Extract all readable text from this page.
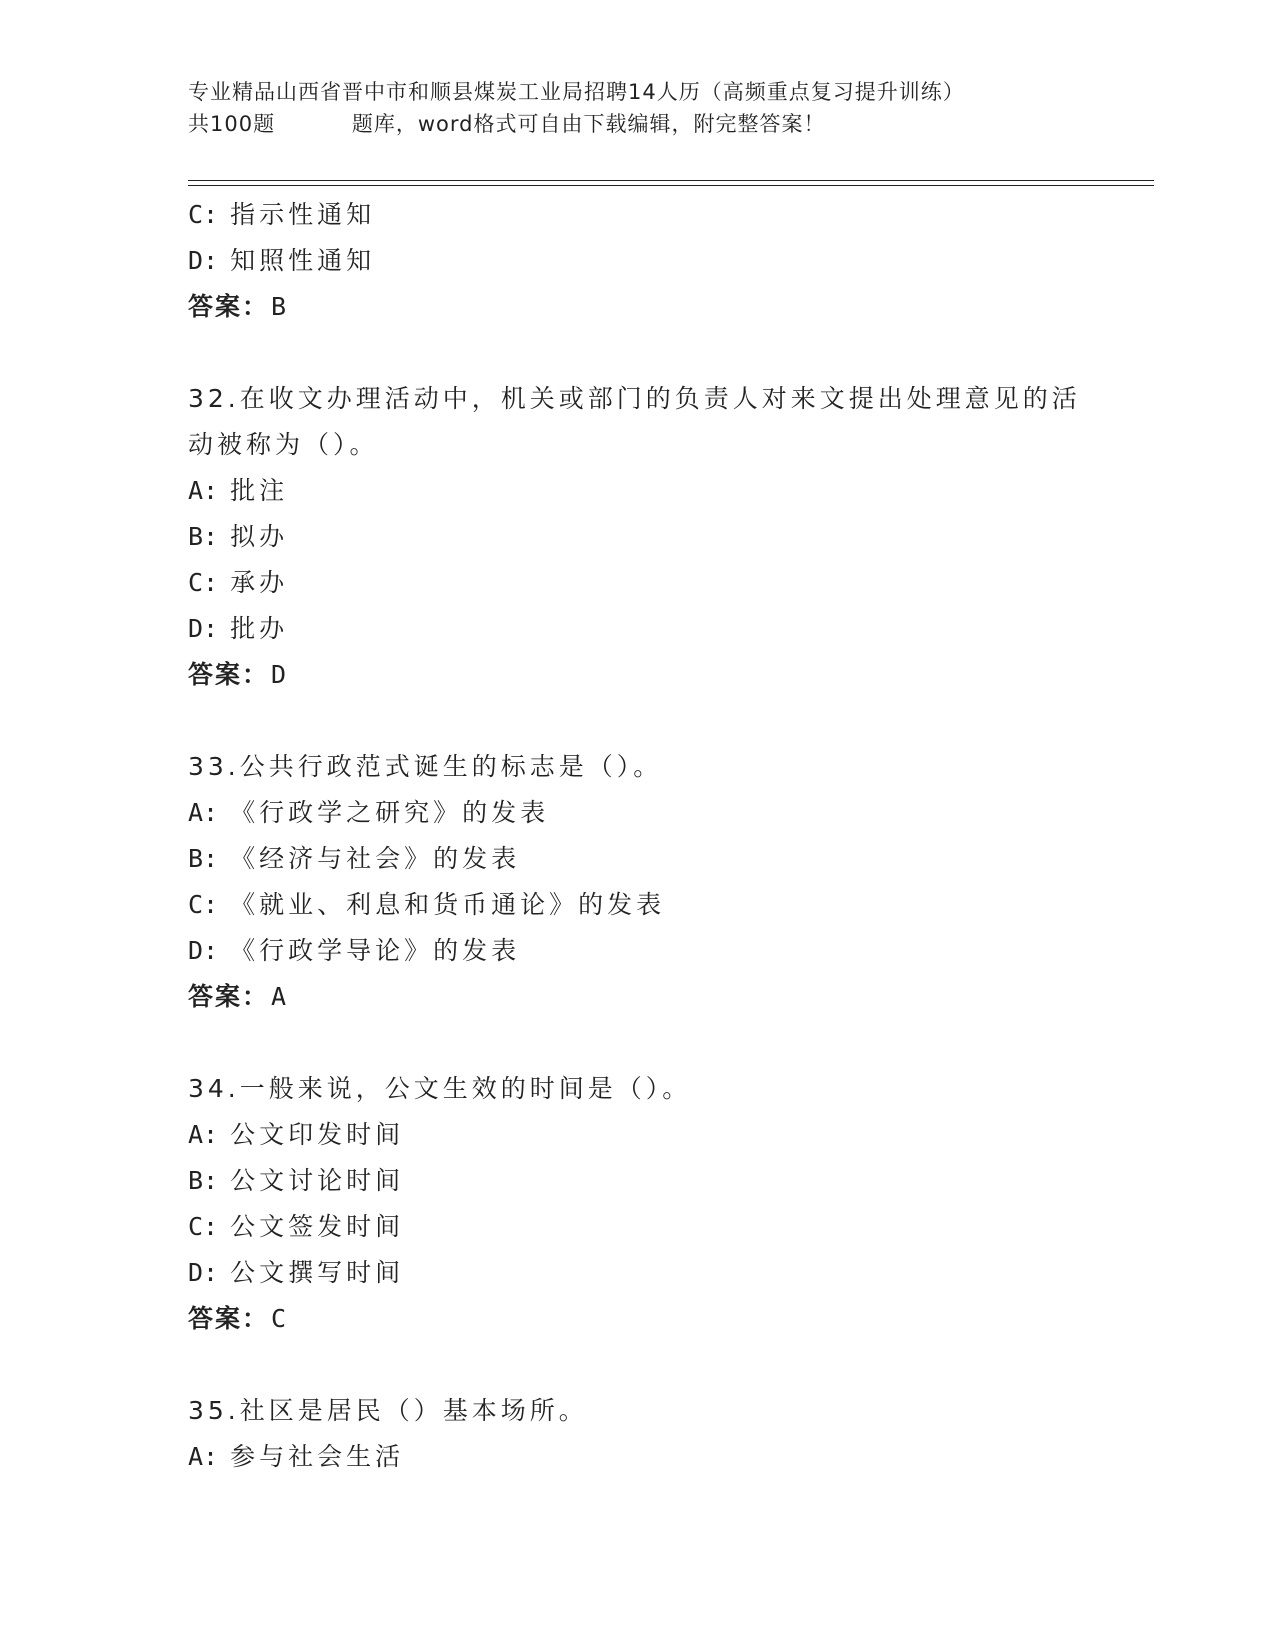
专业精品山西省晋中市和顺县煤炭工业局招聘14人历（高频重点复习提升训练）
共100题	题库，word格式可自由下载编辑，附完整答案！
C: 指示性通知
D: 知照性通知
答案：B
32.在收文办理活动中，机关或部门的负责人对来文提出处理意见的活
动被称为（）。
A: 批注
B: 拟办
C: 承办
D: 批办
答案：D
33.公共行政范式诞生的标志是（）。
A: 《行政学之研究》的发表
B: 《经济与社会》的发表
C: 《就业、利息和货币通论》的发表
D: 《行政学导论》的发表
答案：A
34.一般来说，公文生效的时间是（）。
A: 公文印发时间
B: 公文讨论时间
C: 公文签发时间
D: 公文撰写时间
答案：C
35.社区是居民（）基本场所。
A: 参与社会生活
